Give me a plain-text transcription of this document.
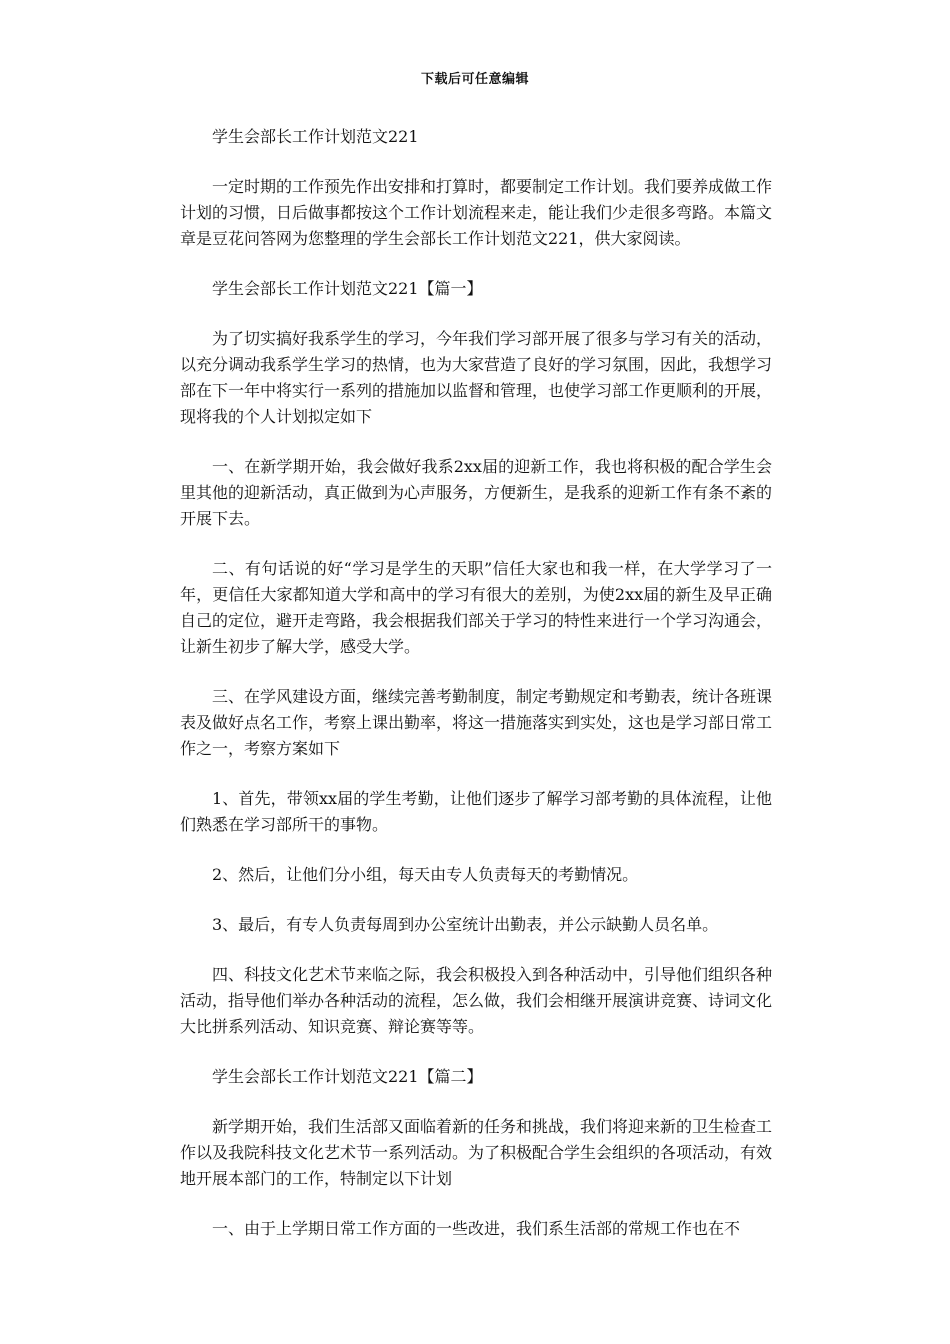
下载后可任意编辑

学生会部长工作计划范文221

一定时期的工作预先作出安排和打算时，都要制定工作计划。我们要养成做工作计划的习惯，日后做事都按这个工作计划流程来走，能让我们少走很多弯路。本篇文章是豆花问答网为您整理的学生会部长工作计划范文221，供大家阅读。

学生会部长工作计划范文221【篇一】

为了切实搞好我系学生的学习，今年我们学习部开展了很多与学习有关的活动，以充分调动我系学生学习的热情，也为大家营造了良好的学习氛围，因此，我想学习部在下一年中将实行一系列的措施加以监督和管理，也使学习部工作更顺利的开展，现将我的个人计划拟定如下

一、在新学期开始，我会做好我系2xx届的迎新工作，我也将积极的配合学生会里其他的迎新活动，真正做到为心声服务，方便新生，是我系的迎新工作有条不紊的开展下去。

二、有句话说的好“学习是学生的天职”信任大家也和我一样，在大学学习了一年，更信任大家都知道大学和高中的学习有很大的差别，为使2xx届的新生及早正确自己的定位，避开走弯路，我会根据我们部关于学习的特性来进行一个学习沟通会，让新生初步了解大学，感受大学。

三、在学风建设方面，继续完善考勤制度，制定考勤规定和考勤表，统计各班课表及做好点名工作，考察上课出勤率，将这一措施落实到实处，这也是学习部日常工作之一，考察方案如下

1、首先，带领xx届的学生考勤，让他们逐步了解学习部考勤的具体流程，让他们熟悉在学习部所干的事物。

2、然后，让他们分小组，每天由专人负责每天的考勤情况。

3、最后，有专人负责每周到办公室统计出勤表，并公示缺勤人员名单。

四、科技文化艺术节来临之际，我会积极投入到各种活动中，引导他们组织各种活动，指导他们举办各种活动的流程，怎么做，我们会相继开展演讲竞赛、诗词文化大比拼系列活动、知识竞赛、辩论赛等等。

学生会部长工作计划范文221【篇二】

新学期开始，我们生活部又面临着新的任务和挑战，我们将迎来新的卫生检查工作以及我院科技文化艺术节一系列活动。为了积极配合学生会组织的各项活动，有效地开展本部门的工作，特制定以下计划

一、由于上学期日常工作方面的一些改进，我们系生活部的常规工作也在不
